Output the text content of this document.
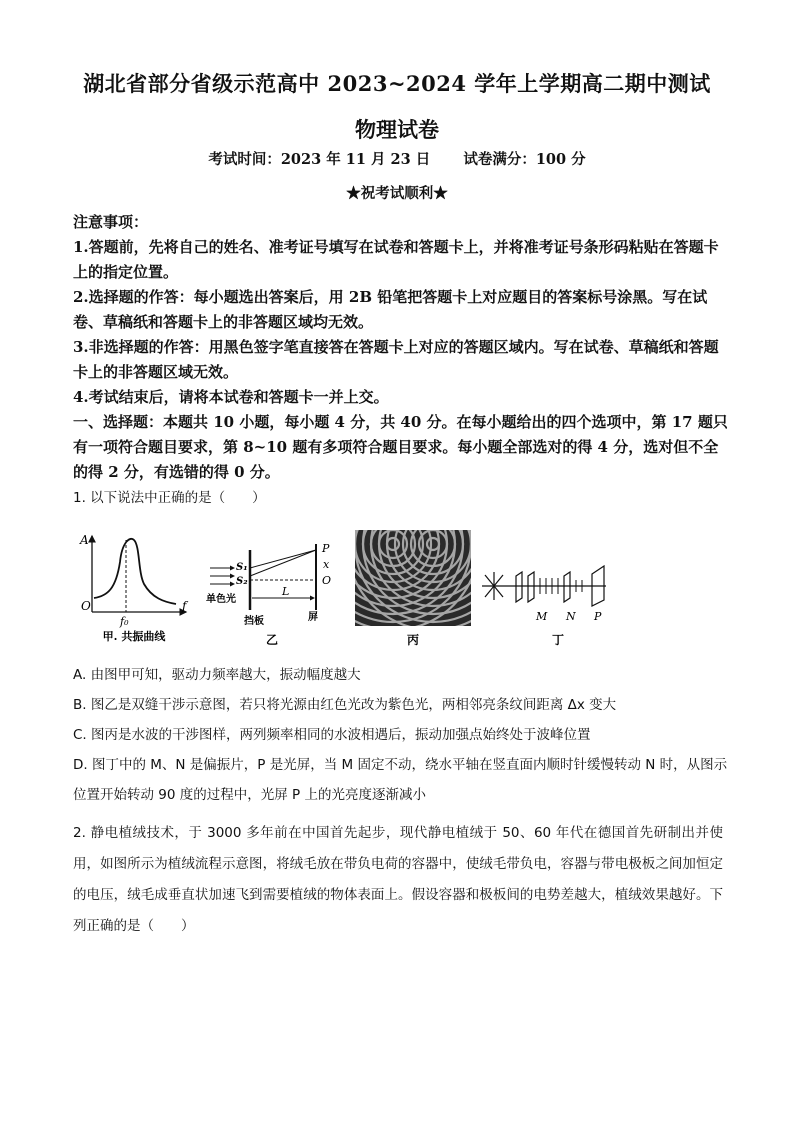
湖北省部分省级示范高中 2023~2024 学年上学期高二期中测试
物理试卷
考试时间：2023 年 11 月 23 日 试卷满分：100 分
★祝考试顺利★
注意事项：
1.答题前，先将自己的姓名、准考证号填写在试卷和答题卡上，并将准考证号条形码粘贴在答题卡上的指定位置。
2.选择题的作答：每小题选出答案后，用 2B 铅笔把答题卡上对应题目的答案标号涂黑。写在试卷、草稿纸和答题卡上的非答题区域均无效。
3.非选择题的作答：用黑色签字笔直接答在答题卡上对应的答题区域内。写在试卷、草稿纸和答题卡上的非答题区域无效。
4.考试结束后，请将本试卷和答题卡一并上交。
一、选择题：本题共 10 小题，每小题 4 分，共 40 分。在每小题给出的四个选项中，第 17 题只有一项符合题目要求，第 8~10 题有多项符合题目要求。每小题全部选对的得 4 分，选对但不全的得 2 分，有选错的得 0 分。
1. 以下说法中正确的是（　　）
A
O	f
f₀
甲. 共振曲线
S₁
S₂
单色光
L
P
x
O
挡板	屏
乙	丙
M N P
丁
A. 由图甲可知，驱动力频率越大，振动幅度越大
B. 图乙是双缝干涉示意图，若只将光源由红色光改为紫色光，两相邻亮条纹间距离 Δx 变大
C. 图丙是水波的干涉图样，两列频率相同的水波相遇后，振动加强点始终处于波峰位置
D. 图丁中的 M、N 是偏振片，P 是光屏，当 M 固定不动，绕水平轴在竖直面内顺时针缓慢转动 N 时，从图示位置开始转动 90 度的过程中，光屏 P 上的光亮度逐渐减小
2. 静电植绒技术，于 3000 多年前在中国首先起步，现代静电植绒于 50、60 年代在德国首先研制出并使用，如图所示为植绒流程示意图，将绒毛放在带负电荷的容器中，使绒毛带负电，容器与带电极板之间加恒定的电压，绒毛成垂直状加速飞到需要植绒的物体表面上。假设容器和极板间的电势差越大，植绒效果越好。下列正确的是（　　）
